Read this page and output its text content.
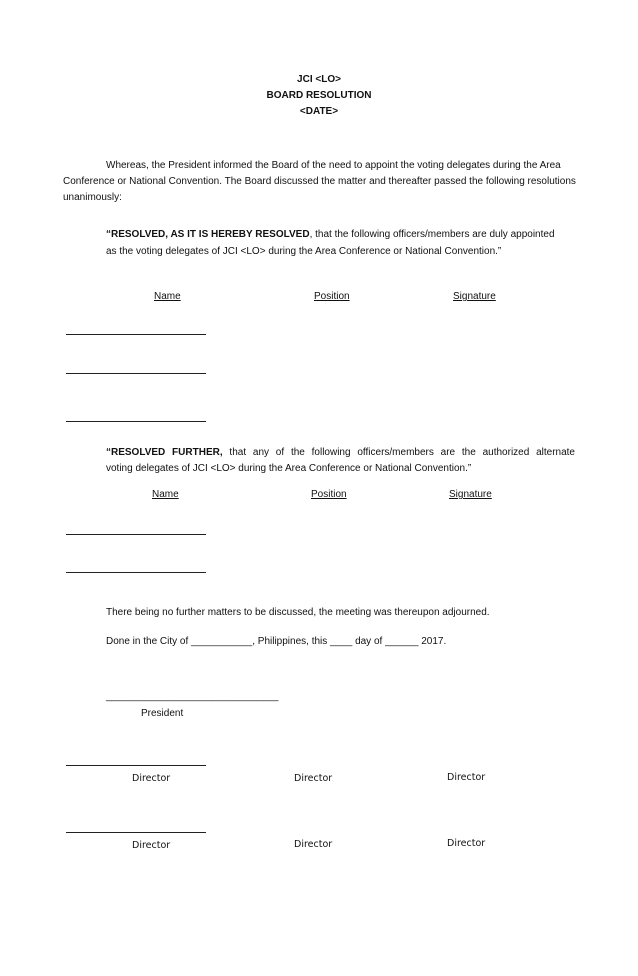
JCI <LO>
BOARD RESOLUTION
<DATE>
Whereas, the President informed the Board of the need to appoint the voting delegates during the Area
Conference or National Convention. The Board discussed the matter and thereafter passed the following resolutions
unanimously:
“RESOLVED, AS IT IS HEREBY RESOLVED, that the following officers/members are duly appointed
as the voting delegates of JCI <LO> during the Area Conference or National Convention.”
Name	Position	Signature
“RESOLVED FURTHER, that any of the following officers/members are the authorized alternate
voting delegates of JCI <LO> during the Area Conference or National Convention.”
Name	Position	Signature
There being no further matters to be discussed, the meeting was thereupon adjourned.
Done in the City of ___________, Philippines, this ____ day of ______ 2017.
_______________________________
President
Director	Director	Director
Director	Director	Director
